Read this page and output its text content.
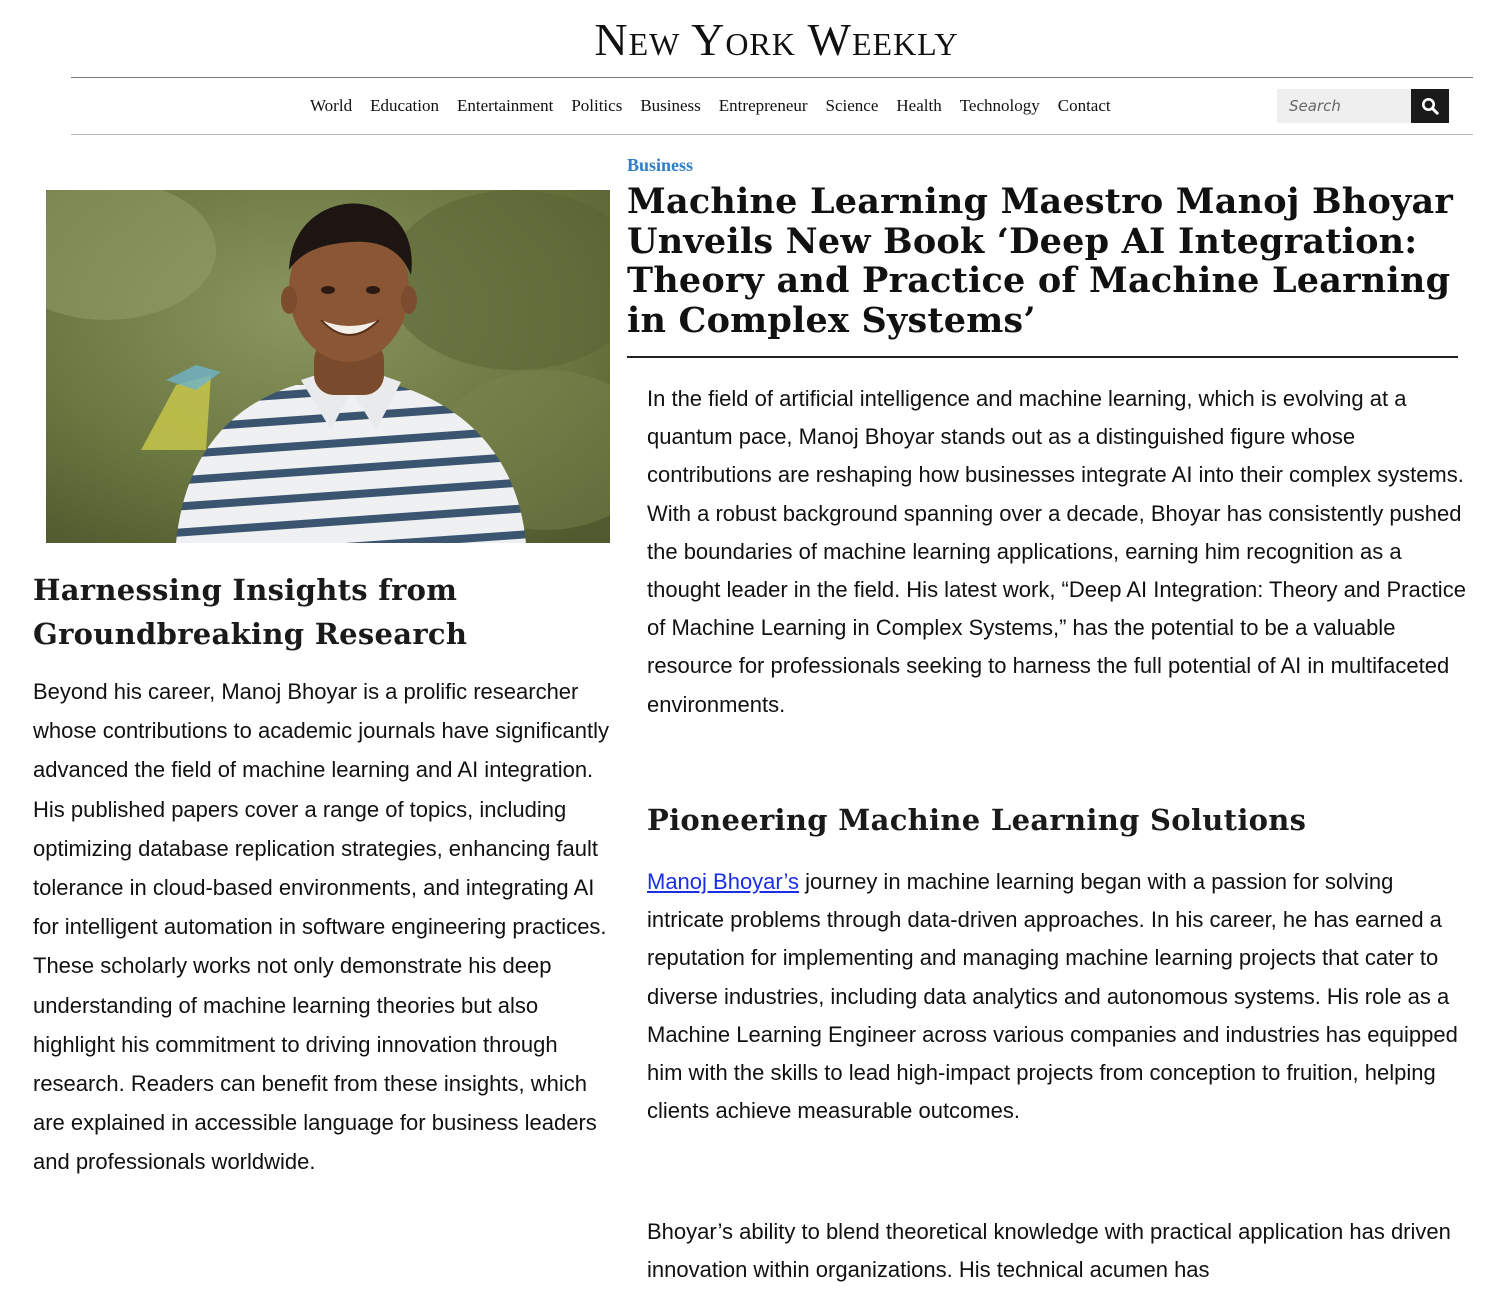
New York Weekly
World	Education	Entertainment	Politics	Business	Entrepreneur	Science	Health	Technology	Contact
Search
Harnessing Insights from Groundbreaking Research

Beyond his career, Manoj Bhoyar is a prolific researcher whose contributions to academic journals have significantly advanced the field of machine learning and AI integration. His published papers cover a range of topics, including optimizing database replication strategies, enhancing fault tolerance in cloud-based environments, and integrating AI for intelligent automation in software engineering practices. These scholarly works not only demonstrate his deep understanding of machine learning theories but also highlight his commitment to driving innovation through research. Readers can benefit from these insights, which are explained in accessible language for business leaders and professionals worldwide.

Business
Machine Learning Maestro Manoj Bhoyar Unveils New Book ‘Deep AI Integration: Theory and Practice of Machine Learning in Complex Systems’

In the field of artificial intelligence and machine learning, which is evolving at a quantum pace, Manoj Bhoyar stands out as a distinguished figure whose contributions are reshaping how businesses integrate AI into their complex systems. With a robust background spanning over a decade, Bhoyar has consistently pushed the boundaries of machine learning applications, earning him recognition as a thought leader in the field. His latest work, “Deep AI Integration: Theory and Practice of Machine Learning in Complex Systems,” has the potential to be a valuable resource for professionals seeking to harness the full potential of AI in multifaceted environments.

Pioneering Machine Learning Solutions

Manoj Bhoyar’s journey in machine learning began with a passion for solving intricate problems through data-driven approaches. In his career, he has earned a reputation for implementing and managing machine learning projects that cater to diverse industries, including data analytics and autonomous systems. His role as a Machine Learning Engineer across various companies and industries has equipped him with the skills to lead high-impact projects from conception to fruition, helping clients achieve measurable outcomes.

Bhoyar’s ability to blend theoretical knowledge with practical application has driven innovation within organizations. His technical acumen has
